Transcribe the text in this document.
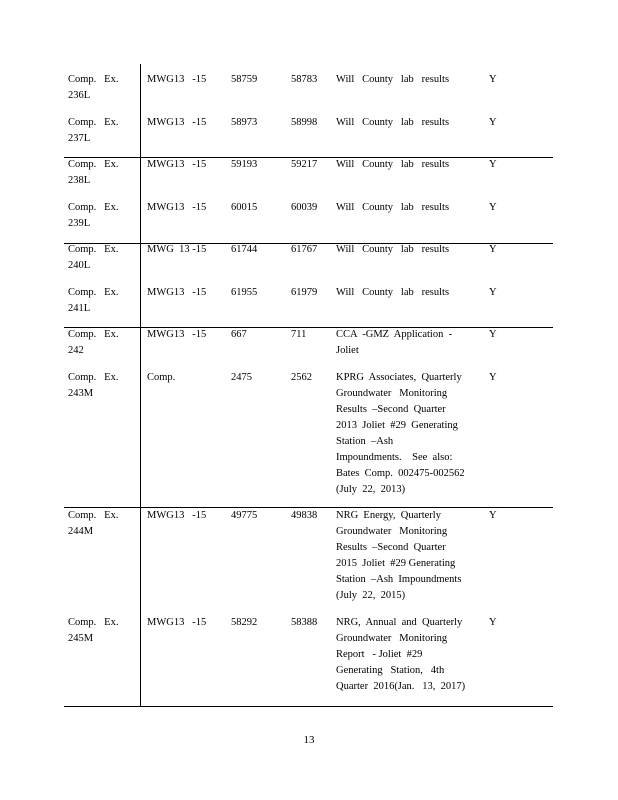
Comp.   Ex.
236L
MWG13   -15	58759	58783	Will   County   lab   results	Y
Comp.   Ex.
237L
MWG13   -15	58973	58998	Will   County   lab   results	Y
Comp.   Ex.
238L
MWG13   -15	59193	59217	Will   County   lab   results	Y
Comp.   Ex.
239L
MWG13   -15	60015	60039	Will   County   lab   results	Y
Comp.   Ex.
240L
MWG  13 -15	61744	61767	Will   County   lab   results	Y
Comp.   Ex.
241L
MWG13   -15	61955	61979	Will   County   lab   results	Y
Comp.   Ex.
242
MWG13   -15	667	711	CCA  -GMZ  Application  -
Joliet
Y
Comp.   Ex.
243M
Comp.	2475	2562	KPRG  Associates,  Quarterly
Groundwater   Monitoring
Results  –Second  Quarter
2013  Joliet  #29  Generating
Station  –Ash
Impoundments.    See  also:
Bates  Comp.  002475-002562
(July  22,  2013)
Y
Comp.   Ex.
244M
MWG13   -15	49775	49838	NRG  Energy,  Quarterly
Groundwater   Monitoring
Results  –Second  Quarter
2015  Joliet  #29 Generating
Station  –Ash  Impoundments
(July  22,  2015)
Y
Comp.   Ex.
245M
MWG13   -15	58292	58388	NRG,  Annual  and  Quarterly
Groundwater   Monitoring
Report   - Joliet  #29
Generating   Station,   4th
Quarter  2016(Jan.   13,  2017)
Y
13
